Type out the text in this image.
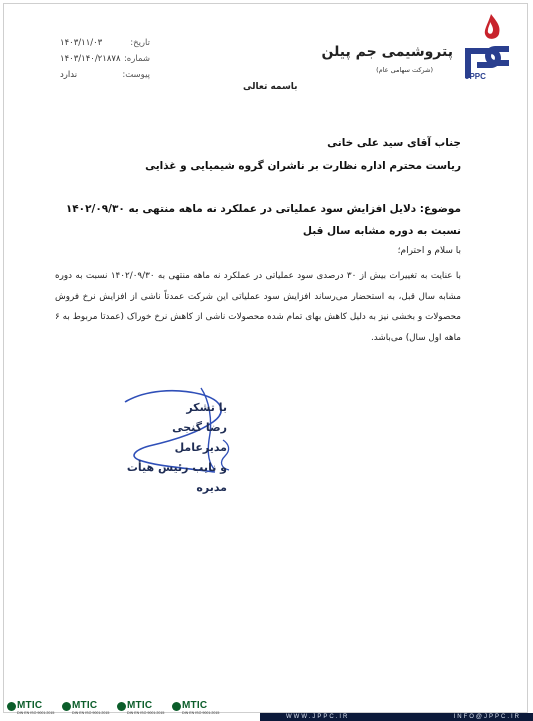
تاریخ:
۱۴۰۳/۱۱/۰۳
شماره:
۱۴۰۳/۱۴۰/۲۱۸۷۸
پیوست:
ندارد	JPPC
پتروشیمی جم پیلن
(شرکت سهامی عام)
باسمه تعالی
جناب آقای سید علی خانی
ریاست محترم اداره نظارت بر ناشران گروه شیمیایی و غذایی
موضوع: دلایل افزایش سود عملیاتی در عملکرد نه ماهه منتهی به ۱۴۰۲/۰۹/۳۰ نسبت به دوره مشابه سال قبل
با سلام و احترام؛
با عنایت به تغییرات بیش از ۳۰ درصدی سود عملیاتی در عملکرد نه ماهه منتهی به ۱۴۰۲/۰۹/۳۰ نسبت به دوره مشابه سال قبل، به استحضار می‌رساند افزایش سود عملیاتی این شرکت عمدتاً ناشی از افزایش نرخ فروش محصولات و بخشی نیز به دلیل کاهش بهای تمام شده محصولات ناشی از کاهش نرخ خوراک (عمدتا مربوط به ۶ ماهه اول سال) می‌باشد.
با تشکر
رضا گنجی
مدیرعامل
و نایب رئیس هیأت مدیره
MTIC
DIN EN ISO 9001:2015
MTIC
DIN EN ISO 9001:2015
MTIC
DIN EN ISO 9001:2015
MTIC
DIN EN ISO 9001:2015
WWW.JPPC.IR	INFO@JPPC.IR
